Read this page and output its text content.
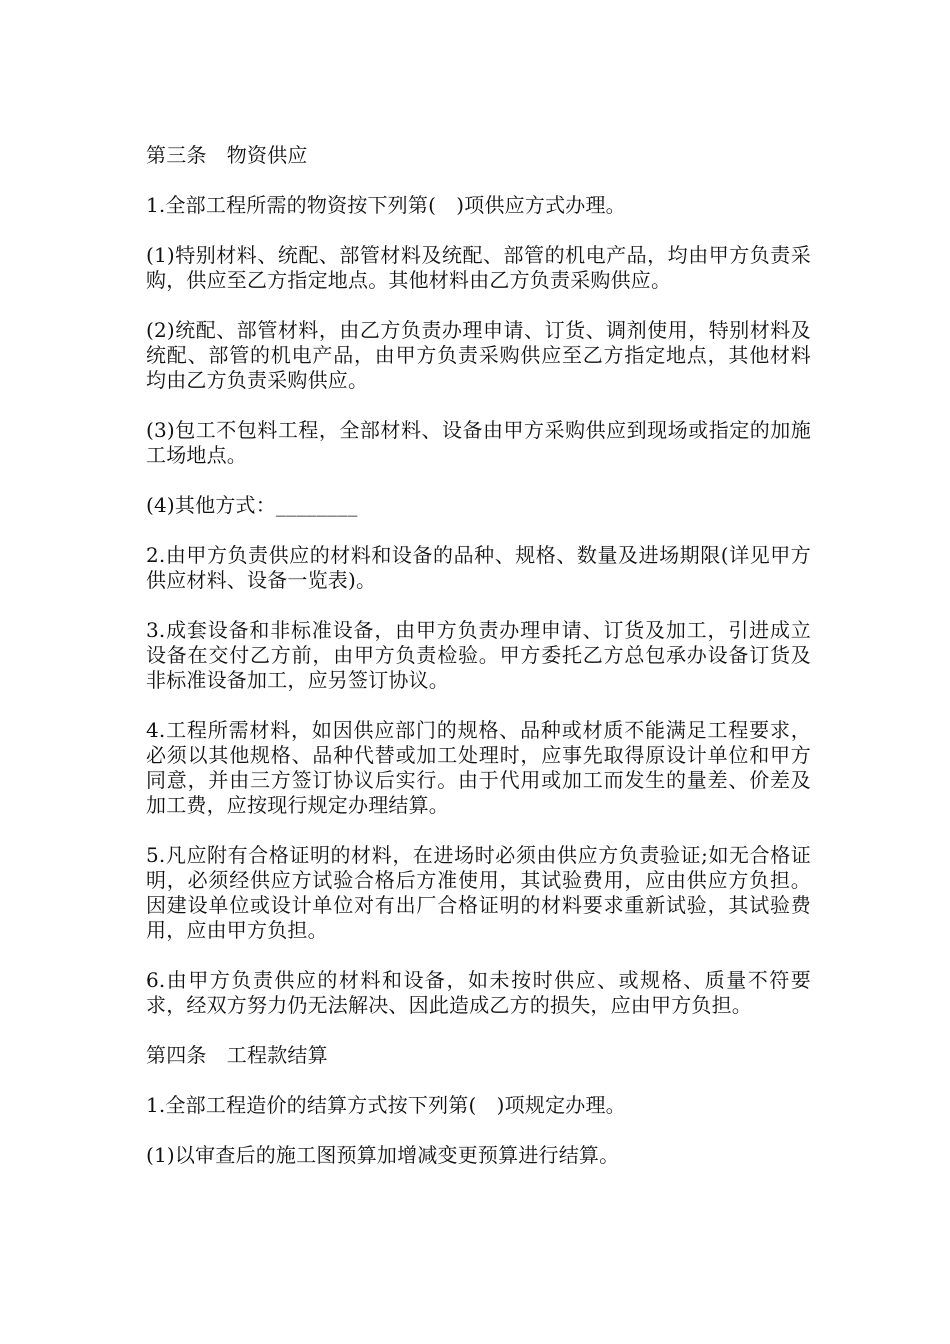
第三条　物资供应

1.全部工程所需的物资按下列第(　)项供应方式办理。

(1)特别材料、统配、部管材料及统配、部管的机电产品，均由甲方负责采购，供应至乙方指定地点。其他材料由乙方负责采购供应。

(2)统配、部管材料，由乙方负责办理申请、订货、调剂使用，特别材料及统配、部管的机电产品，由甲方负责采购供应至乙方指定地点，其他材料均由乙方负责采购供应。

(3)包工不包料工程，全部材料、设备由甲方采购供应到现场或指定的加施工场地点。

(4)其他方式：________

2.由甲方负责供应的材料和设备的品种、规格、数量及进场期限(详见甲方供应材料、设备一览表)。

3.成套设备和非标准设备，由甲方负责办理申请、订货及加工，引进成立设备在交付乙方前，由甲方负责检验。甲方委托乙方总包承办设备订货及非标准设备加工，应另签订协议。

4.工程所需材料，如因供应部门的规格、品种或材质不能满足工程要求，必须以其他规格、品种代替或加工处理时，应事先取得原设计单位和甲方同意，并由三方签订协议后实行。由于代用或加工而发生的量差、价差及加工费，应按现行规定办理结算。

5.凡应附有合格证明的材料，在进场时必须由供应方负责验证;如无合格证明，必须经供应方试验合格后方准使用，其试验费用，应由供应方负担。因建设单位或设计单位对有出厂合格证明的材料要求重新试验，其试验费用，应由甲方负担。

6.由甲方负责供应的材料和设备，如未按时供应、或规格、质量不符要求，经双方努力仍无法解决、因此造成乙方的损失，应由甲方负担。

第四条　工程款结算

1.全部工程造价的结算方式按下列第(　)项规定办理。

(1)以审查后的施工图预算加增减变更预算进行结算。
